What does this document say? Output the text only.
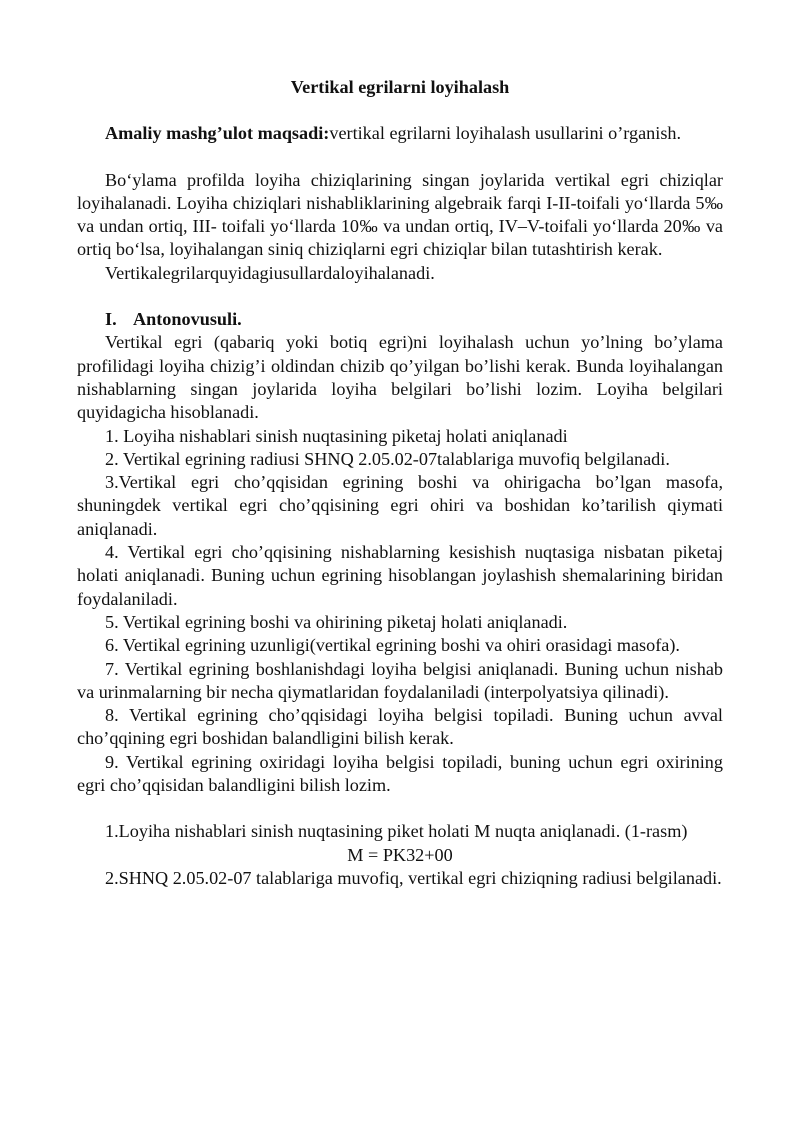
Vertikal egrilarni loyihalash

Amaliy mashg’ulot maqsadi:vertikal egrilarni loyihalash usullarini o’rganish.

Bo‘ylama profilda loyiha chiziqlarining singan joylarida vertikal egri chiziqlar loyihalanadi. Loyiha chiziqlari nishabliklarining algebraik farqi I-II-toifali yo‘llarda 5‰ va undan ortiq, III- toifali yo‘llarda 10‰ va undan ortiq, IV–V-toifali yo‘llarda 20‰ va ortiq bo‘lsa, loyihalangan siniq chiziqlarni egri chiziqlar bilan tutashtirish kerak.

Vertikalegrilarquyidagiusullardaloyihalanadi.

I. Antonovusuli.

Vertikal egri (qabariq yoki botiq egri)ni loyihalash uchun yo’lning bo’ylama profilidagi loyiha chizig’i oldindan chizib qo’yilgan bo’lishi kerak. Bunda loyihalangan nishablarning singan joylarida loyiha belgilari bo’lishi lozim. Loyiha belgilari quyidagicha hisoblanadi.

1. Loyiha nishablari sinish nuqtasining piketaj holati aniqlanadi

2. Vertikal egrining radiusi SHNQ 2.05.02-07talablariga muvofiq belgilanadi.

3.Vertikal egri cho’qqisidan egrining boshi va ohirigacha bo’lgan masofa, shuningdek vertikal egri cho’qqisining egri ohiri va boshidan ko’tarilish qiymati aniqlanadi.

4. Vertikal egri cho’qqisining nishablarning kesishish nuqtasiga nisbatan piketaj holati aniqlanadi. Buning uchun egrining hisoblangan joylashish shemalarining biridan foydalaniladi.

5. Vertikal egrining boshi va ohirining piketaj holati aniqlanadi.

6. Vertikal egrining uzunligi(vertikal egrining boshi va ohiri orasidagi masofa).

7. Vertikal egrining boshlanishdagi loyiha belgisi aniqlanadi. Buning uchun nishab va urinmalarning bir necha qiymatlaridan foydalaniladi (interpolyatsiya qilinadi).

8. Vertikal egrining cho’qqisidagi loyiha belgisi topiladi. Buning uchun avval cho’qqining egri boshidan balandligini bilish kerak.

9. Vertikal egrining oxiridagi loyiha belgisi topiladi, buning uchun egri oxirining egri cho’qqisidan balandligini bilish lozim.

1.Loyiha nishablari sinish nuqtasining piket holati M nuqta aniqlanadi. (1-rasm)

M = PK32+00

2.SHNQ 2.05.02-07 talablariga muvofiq, vertikal egri chiziqning radiusi belgilanadi.
